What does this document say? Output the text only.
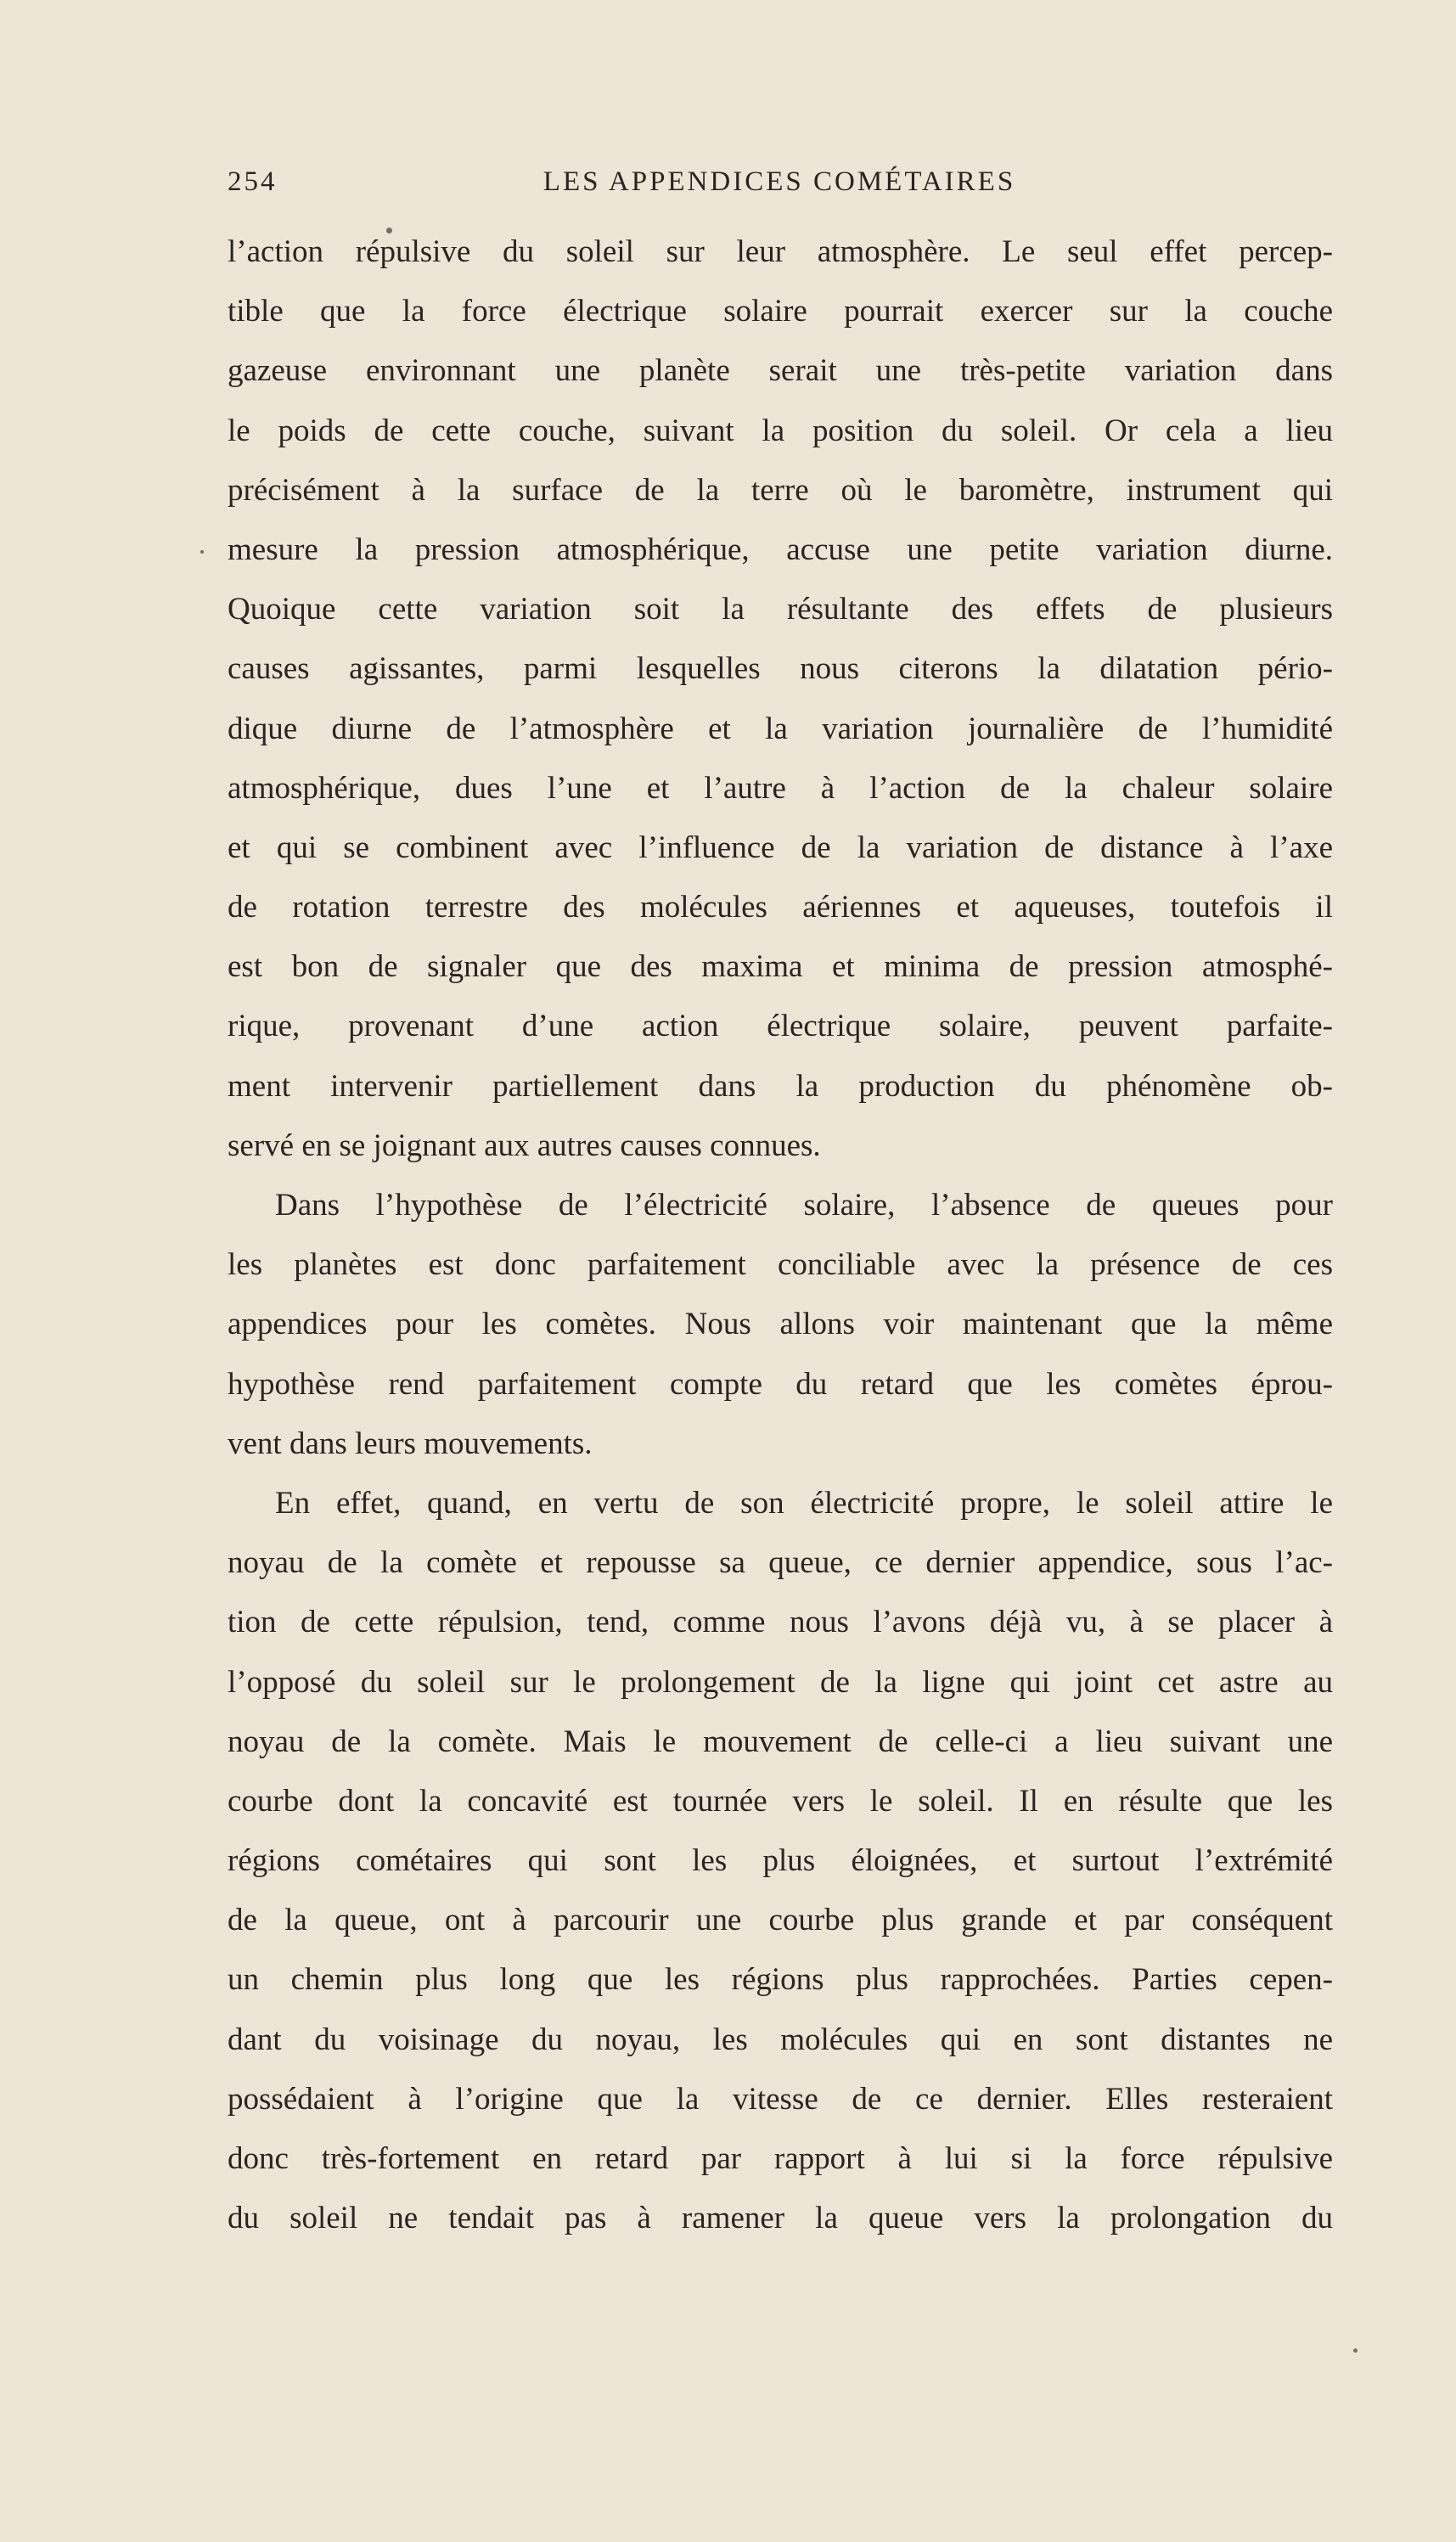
254	LES APPENDICES COMÉTAIRES
l’action répulsive du soleil sur leur atmosphère. Le seul effet percep-
tible que la force électrique solaire pourrait exercer sur la couche
gazeuse environnant une planète serait une très-petite variation dans
le poids de cette couche, suivant la position du soleil. Or cela a lieu
précisément à la surface de la terre où le baromètre, instrument qui
mesure la pression atmosphérique, accuse une petite variation diurne.
Quoique cette variation soit la résultante des effets de plusieurs
causes agissantes, parmi lesquelles nous citerons la dilatation pério-
dique diurne de l’atmosphère et la variation journalière de l’humidité
atmosphérique, dues l’une et l’autre à l’action de la chaleur solaire
et qui se combinent avec l’influence de la variation de distance à l’axe
de rotation terrestre des molécules aériennes et aqueuses, toutefois il
est bon de signaler que des maxima et minima de pression atmosphé-
rique, provenant d’une action électrique solaire, peuvent parfaite-
ment intervenir partiellement dans la production du phénomène ob-
servé en se joignant aux autres causes connues.
Dans l’hypothèse de l’électricité solaire, l’absence de queues pour
les planètes est donc parfaitement conciliable avec la présence de ces
appendices pour les comètes. Nous allons voir maintenant que la même
hypothèse rend parfaitement compte du retard que les comètes éprou-
vent dans leurs mouvements.
En effet, quand, en vertu de son électricité propre, le soleil attire le
noyau de la comète et repousse sa queue, ce dernier appendice, sous l’ac-
tion de cette répulsion, tend, comme nous l’avons déjà vu, à se placer à
l’opposé du soleil sur le prolongement de la ligne qui joint cet astre au
noyau de la comète. Mais le mouvement de celle-ci a lieu suivant une
courbe dont la concavité est tournée vers le soleil. Il en résulte que les
régions cométaires qui sont les plus éloignées, et surtout l’extrémité
de la queue, ont à parcourir une courbe plus grande et par conséquent
un chemin plus long que les régions plus rapprochées. Parties cepen-
dant du voisinage du noyau, les molécules qui en sont distantes ne
possédaient à l’origine que la vitesse de ce dernier. Elles resteraient
donc très-fortement en retard par rapport à lui si la force répulsive
du soleil ne tendait pas à ramener la queue vers la prolongation du
